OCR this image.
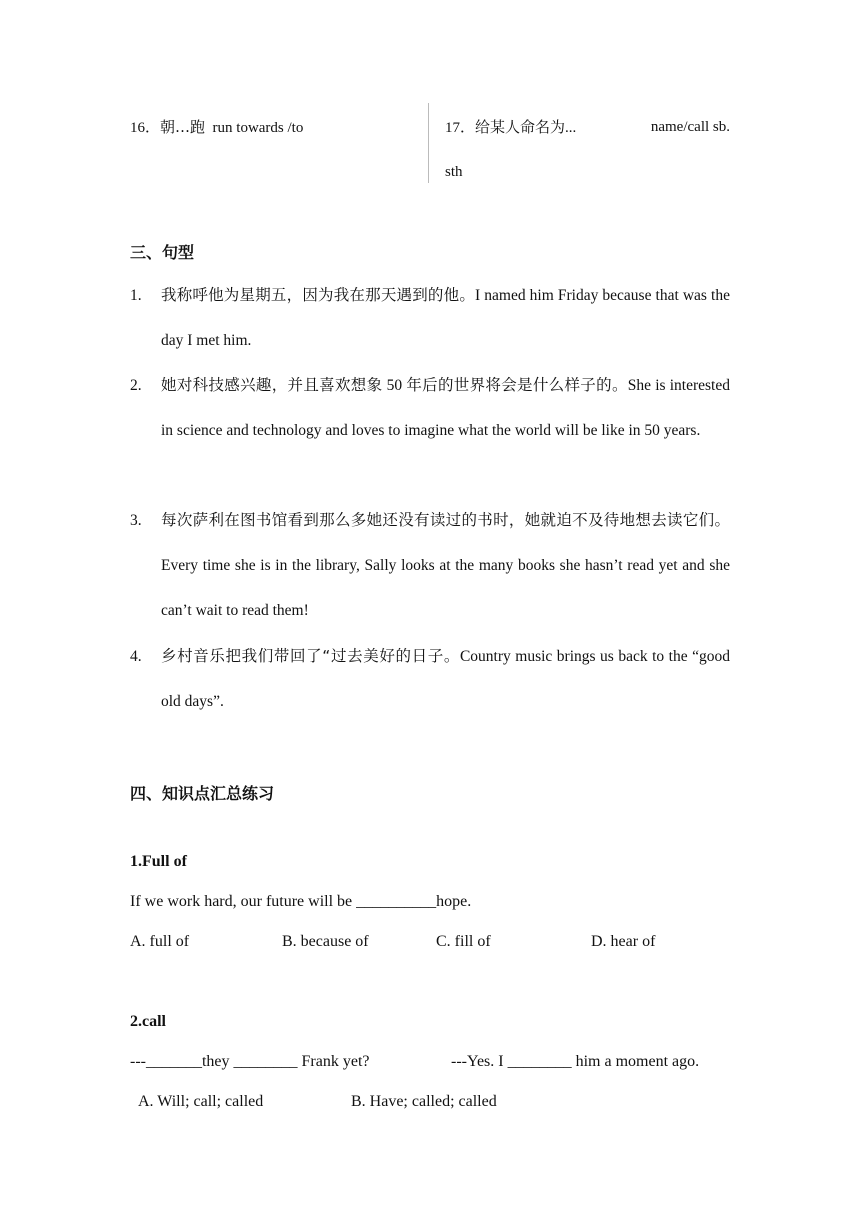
16．朝…跑 run towards /to	17．给某人命名为...	name/call sb.
sth
三、句型
1.	我称呼他为星期五，因为我在那天遇到的他。I named him Friday because that was the day I met him.
2.	她对科技感兴趣，并且喜欢想象 50 年后的世界将会是什么样子的。She is interested in science and technology and loves to imagine what the world will be like in 50 years.
3.	每次萨利在图书馆看到那么多她还没有读过的书时，她就迫不及待地想去读它们。Every time she is in the library, Sally looks at the many books she hasn’t read yet and she can’t wait to read them!
4.	乡村音乐把我们带回了“过去美好的日子。Country music brings us back to the “good old days”.
四、知识点汇总练习
1.Full of
If we work hard, our future will be __________hope.
A. full of	B. because of	C. fill of	D. hear of
2.call
---_______they ________ Frank yet?	---Yes. I ________ him a moment ago.
A. Will; call; called	B. Have; called; called
